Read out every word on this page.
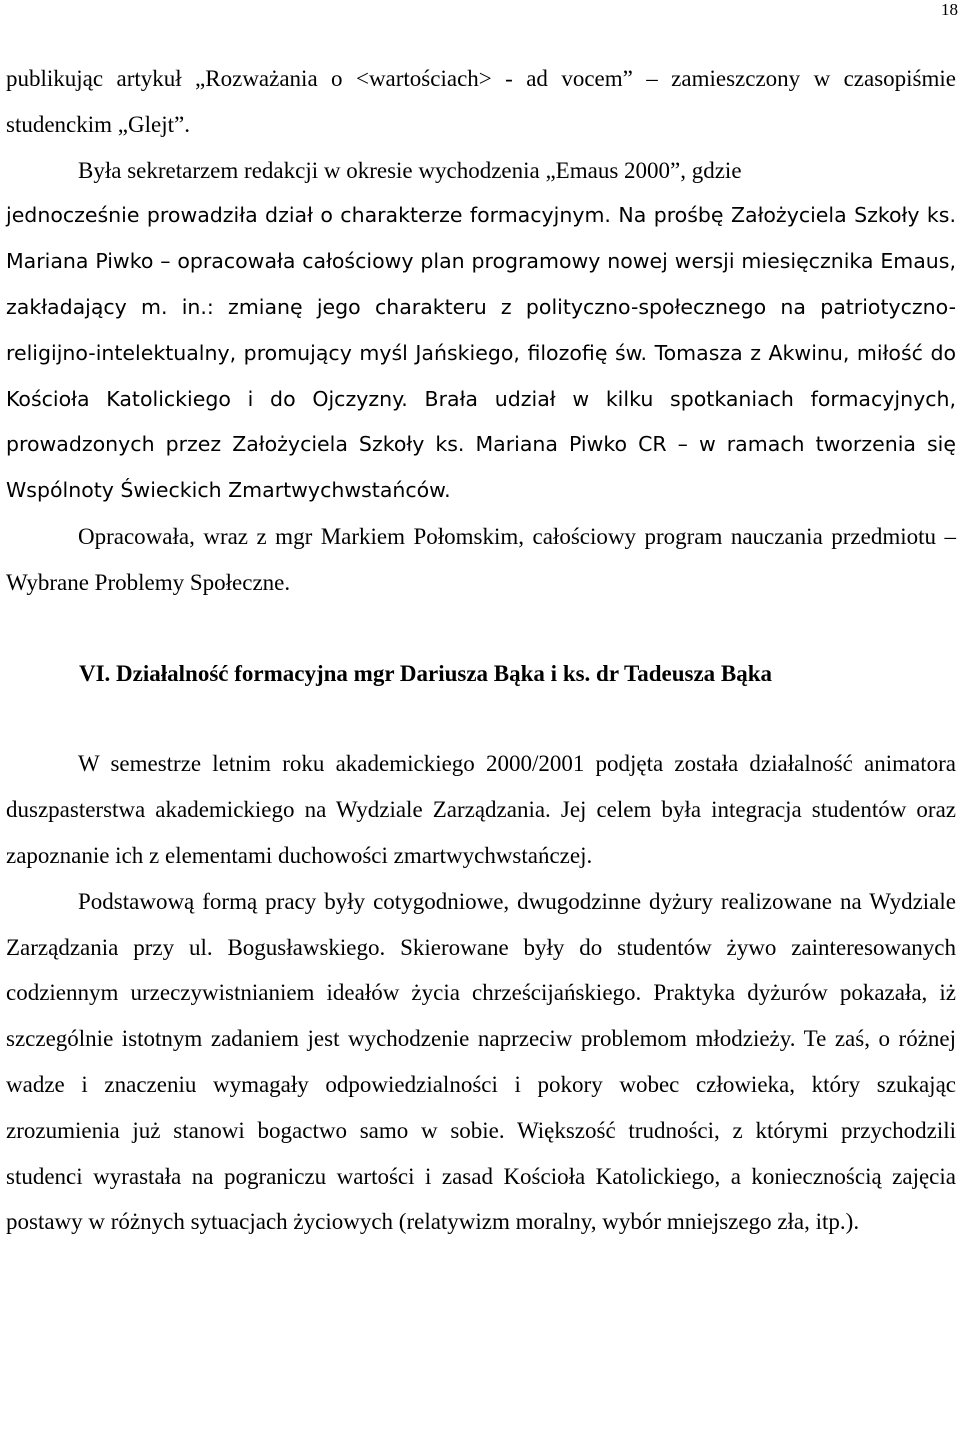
18

publikując artykuł „Rozważania o <wartościach> - ad vocem” – zamieszczony w czasopiśmie studenckim „Glejt”.

Była sekretarzem redakcji w okresie wychodzenia „Emaus 2000”, gdzie

jednocześnie prowadziła dział o charakterze formacyjnym. Na prośbę Założyciela Szkoły ks. Mariana Piwko – opracowała całościowy plan programowy nowej wersji miesięcznika Emaus, zakładający m. in.: zmianę jego charakteru z polityczno-społecznego na patriotyczno-religijno-intelektualny, promujący myśl Jańskiego, filozofię św. Tomasza z Akwinu, miłość do Kościoła Katolickiego i do Ojczyzny. Brała udział w kilku spotkaniach formacyjnych, prowadzonych przez Założyciela Szkoły ks. Mariana Piwko CR – w ramach tworzenia się Wspólnoty Świeckich Zmartwychwstańców.

Opracowała, wraz z mgr Markiem Połomskim, całościowy program nauczania przedmiotu – Wybrane Problemy Społeczne.

VI. Działalność formacyjna mgr Dariusza Bąka i ks. dr Tadeusza Bąka

W semestrze letnim roku akademickiego 2000/2001 podjęta została działalność animatora duszpasterstwa akademickiego na Wydziale Zarządzania. Jej celem była integracja studentów oraz zapoznanie ich z elementami duchowości zmartwychwstańczej.

Podstawową formą pracy były cotygodniowe, dwugodzinne dyżury realizowane na Wydziale Zarządzania przy ul. Bogusławskiego. Skierowane były do studentów żywo zainteresowanych codziennym urzeczywistnianiem ideałów życia chrześcijańskiego. Praktyka dyżurów pokazała, iż szczególnie istotnym zadaniem jest wychodzenie naprzeciw problemom młodzieży. Te zaś, o różnej wadze i znaczeniu wymagały odpowiedzialności i pokory wobec człowieka, który szukając zrozumienia już stanowi bogactwo samo w sobie. Większość trudności, z którymi przychodzili studenci wyrastała na pograniczu wartości i zasad Kościoła Katolickiego, a koniecznością zajęcia postawy w różnych sytuacjach życiowych (relatywizm moralny, wybór mniejszego zła, itp.).
